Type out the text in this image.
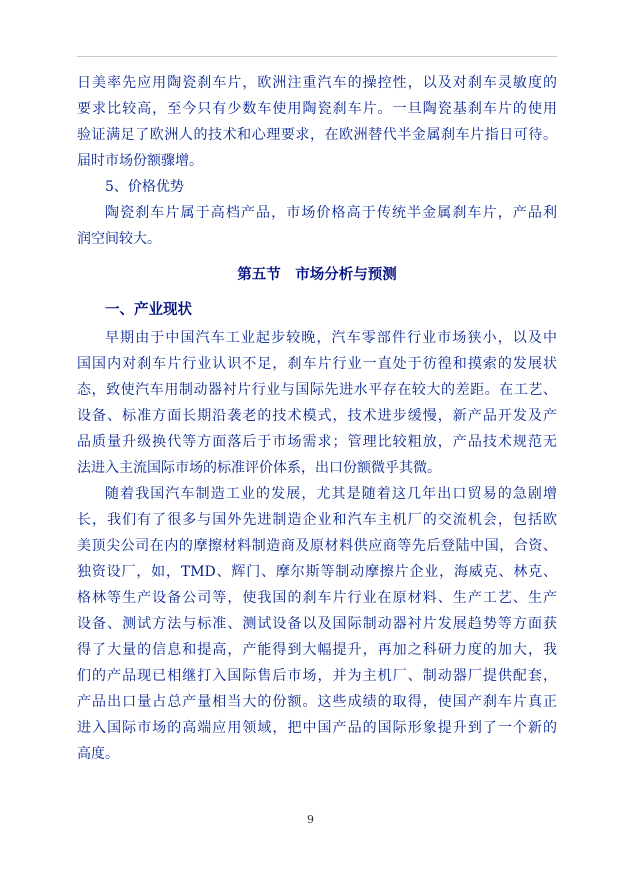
日美率先应用陶瓷刹车片，欧洲注重汽车的操控性，以及对刹车灵敏度的
要求比较高，至今只有少数车使用陶瓷刹车片。一旦陶瓷基刹车片的使用
验证满足了欧洲人的技术和心理要求，在欧洲替代半金属刹车片指日可待。
届时市场份额骤增。
5、价格优势
陶瓷刹车片属于高档产品，市场价格高于传统半金属刹车片，产品利
润空间较大。
第五节　市场分析与预测
一、产业现状
早期由于中国汽车工业起步较晚，汽车零部件行业市场狭小，以及中
国国内对刹车片行业认识不足，刹车片行业一直处于彷徨和摸索的发展状
态，致使汽车用制动器衬片行业与国际先进水平存在较大的差距。在工艺、
设备、标准方面长期沿袭老的技术模式，技术进步缓慢，新产品开发及产
品质量升级换代等方面落后于市场需求；管理比较粗放，产品技术规范无
法进入主流国际市场的标准评价体系，出口份额微乎其微。
随着我国汽车制造工业的发展，尤其是随着这几年出口贸易的急剧增
长，我们有了很多与国外先进制造企业和汽车主机厂的交流机会，包括欧
美顶尖公司在内的摩擦材料制造商及原材料供应商等先后登陆中国，合资、
独资设厂，如，TMD、辉门、摩尔斯等制动摩擦片企业，海威克、林克、
格林等生产设备公司等，使我国的刹车片行业在原材料、生产工艺、生产
设备、测试方法与标准、测试设备以及国际制动器衬片发展趋势等方面获
得了大量的信息和提高，产能得到大幅提升，再加之科研力度的加大，我
们的产品现已相继打入国际售后市场，并为主机厂、制动器厂提供配套，
产品出口量占总产量相当大的份额。这些成绩的取得，使国产刹车片真正
进入国际市场的高端应用领域，把中国产品的国际形象提升到了一个新的
高度。
9
